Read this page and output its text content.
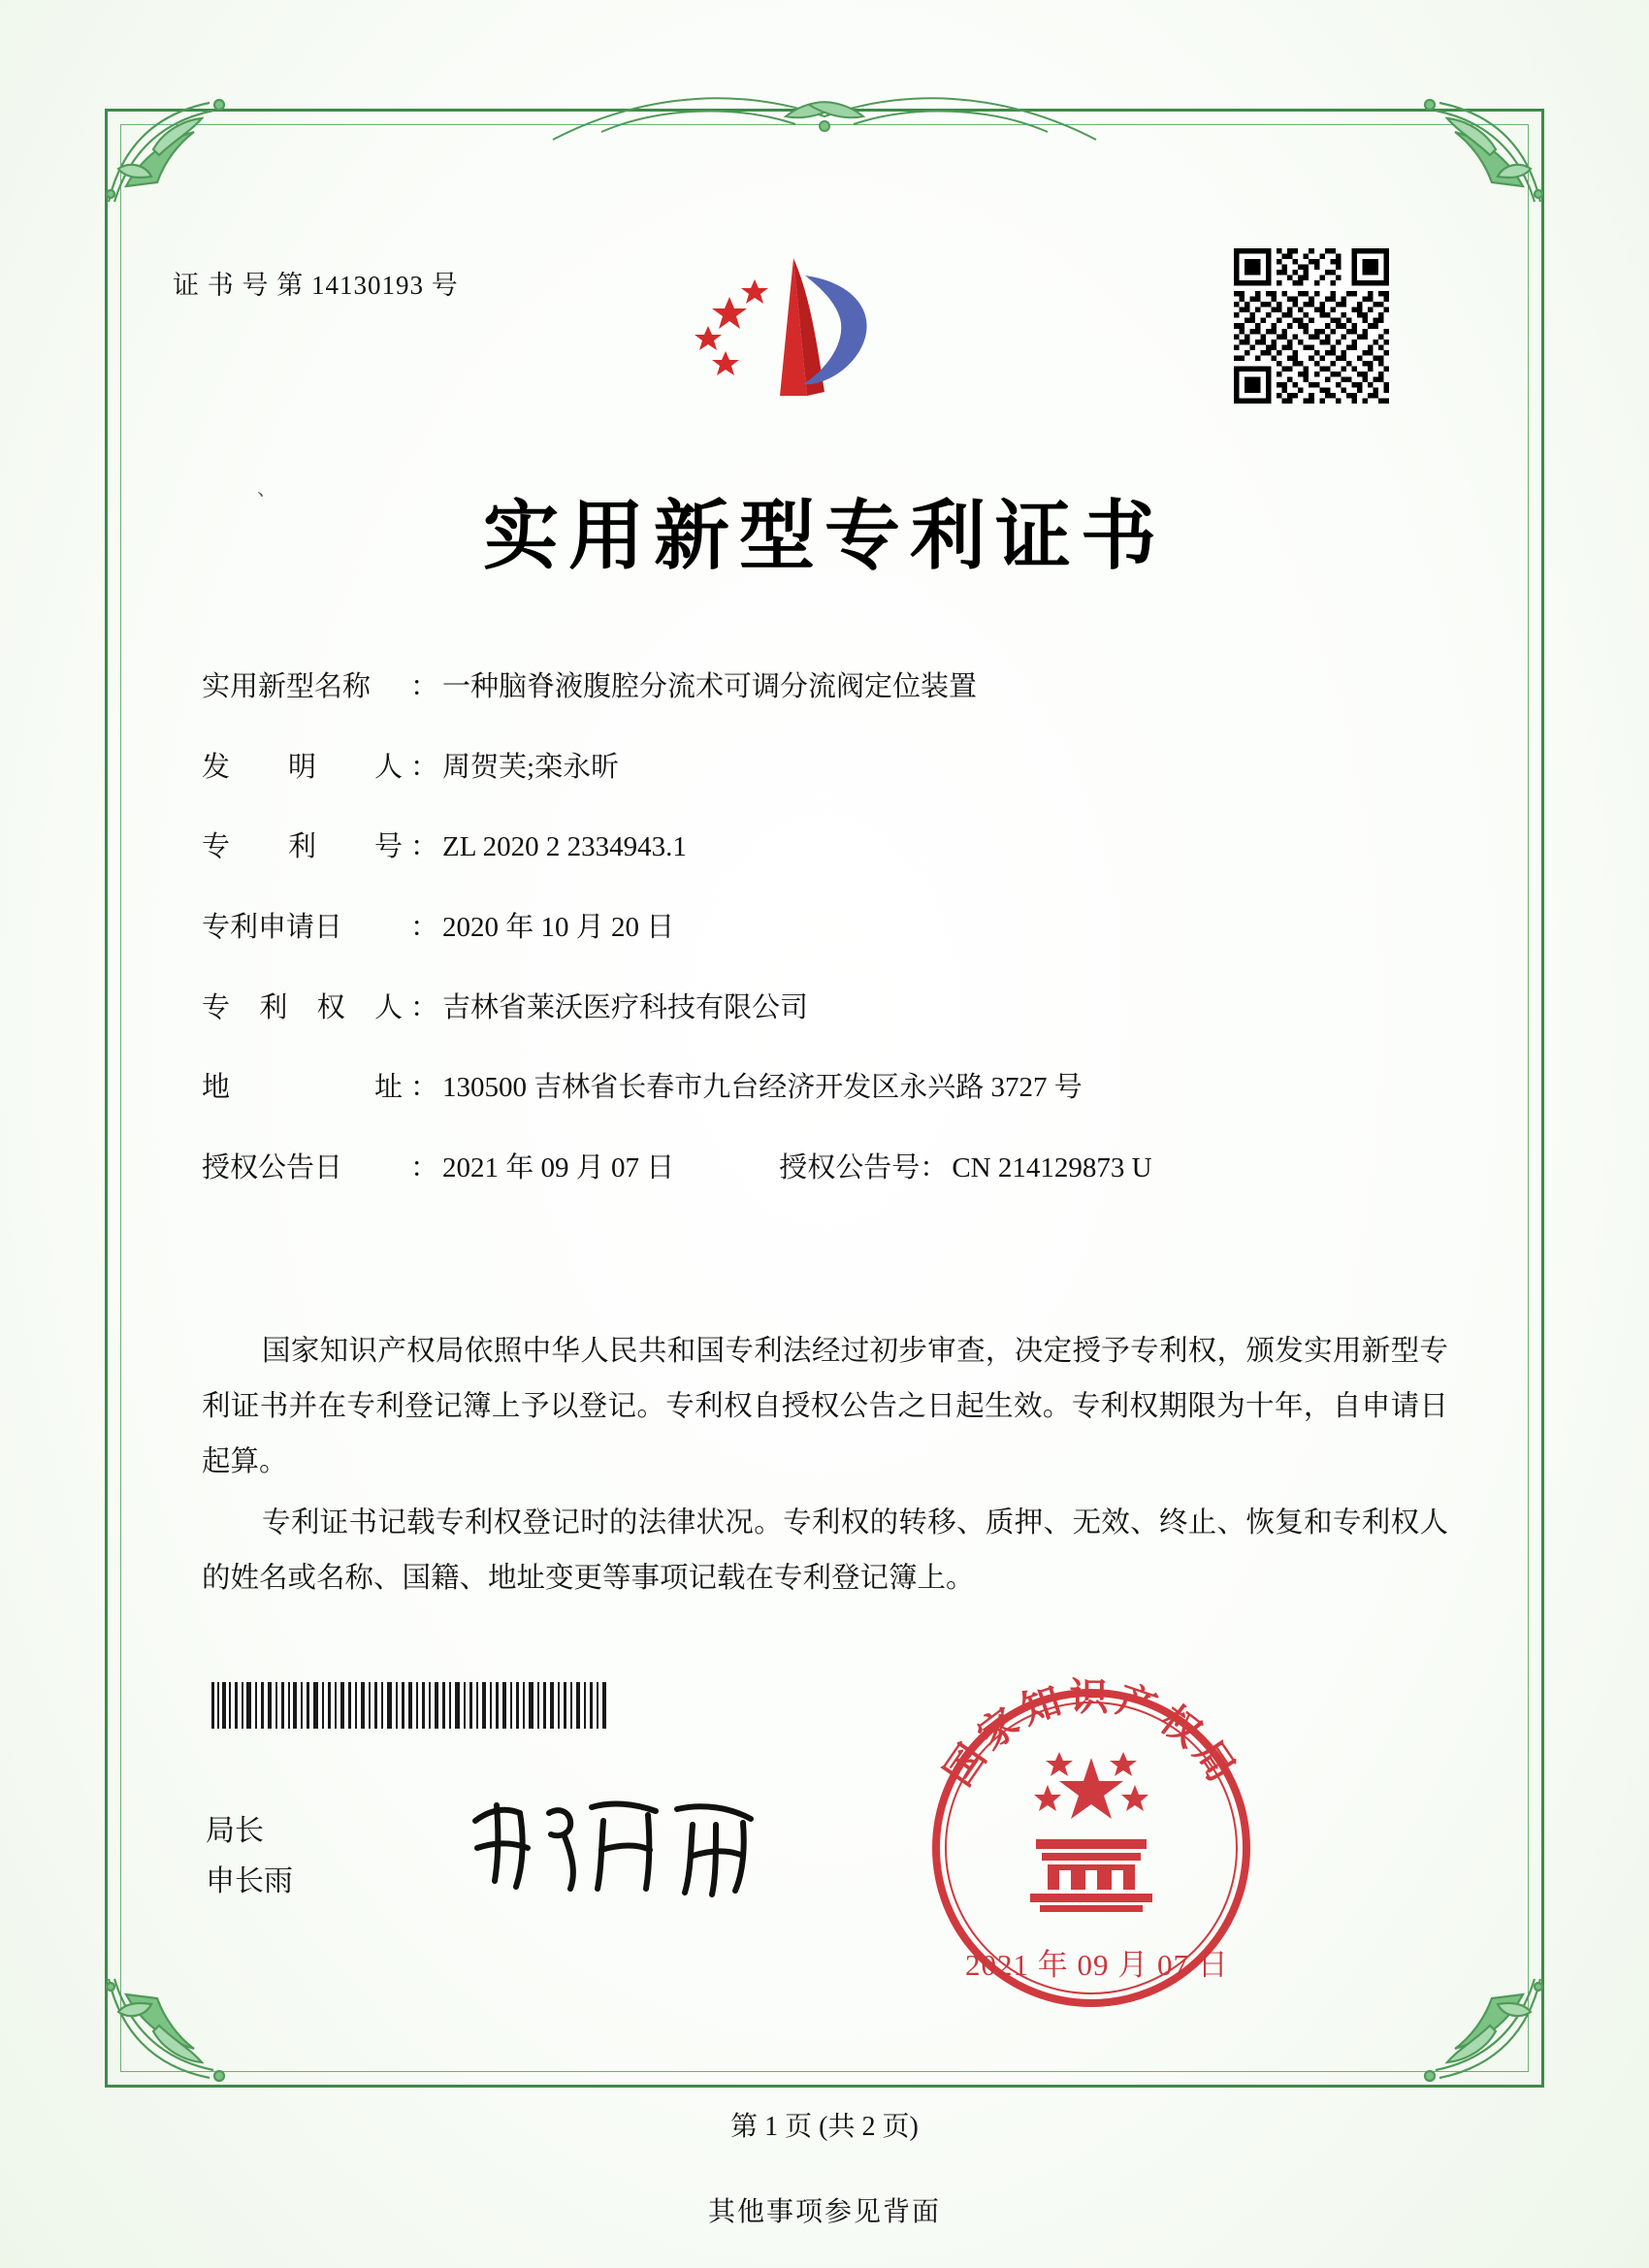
证 书 号 第 14130193 号
、
实用新型专利证书
实用新型名称	： 一种脑脊液腹腔分流术可调分流阀定位装置
发 明 人 ： 周贺芙;栾永昕
专 利 号 ： ZL 2020 2 2334943.1
专利申请日	： 2020 年 10 月 20 日
专 利 权 人 ： 吉林省莱沃医疗科技有限公司
地 址 ： 130500 吉林省长春市九台经济开发区永兴路 3727 号
授权公告日	： 2021 年 09 月 07 日	授权公告号 ： CN 214129873 U

国家知识产权局依照中华人民共和国专利法经过初步审查，决定授予专利权，颁发实用新型专利证书并在专利登记簿上予以登记。专利权自授权公告之日起生效。专利权期限为十年，自申请日起算。

专利证书记载专利权登记时的法律状况。专利权的转移、质押、无效、终止、恢复和专利权人的姓名或名称、国籍、地址变更等事项记载在专利登记簿上。

局长
申长雨
国家知识产权局
2021 年 09 月 07 日
第 1 页 (共 2 页)
其他事项参见背面
